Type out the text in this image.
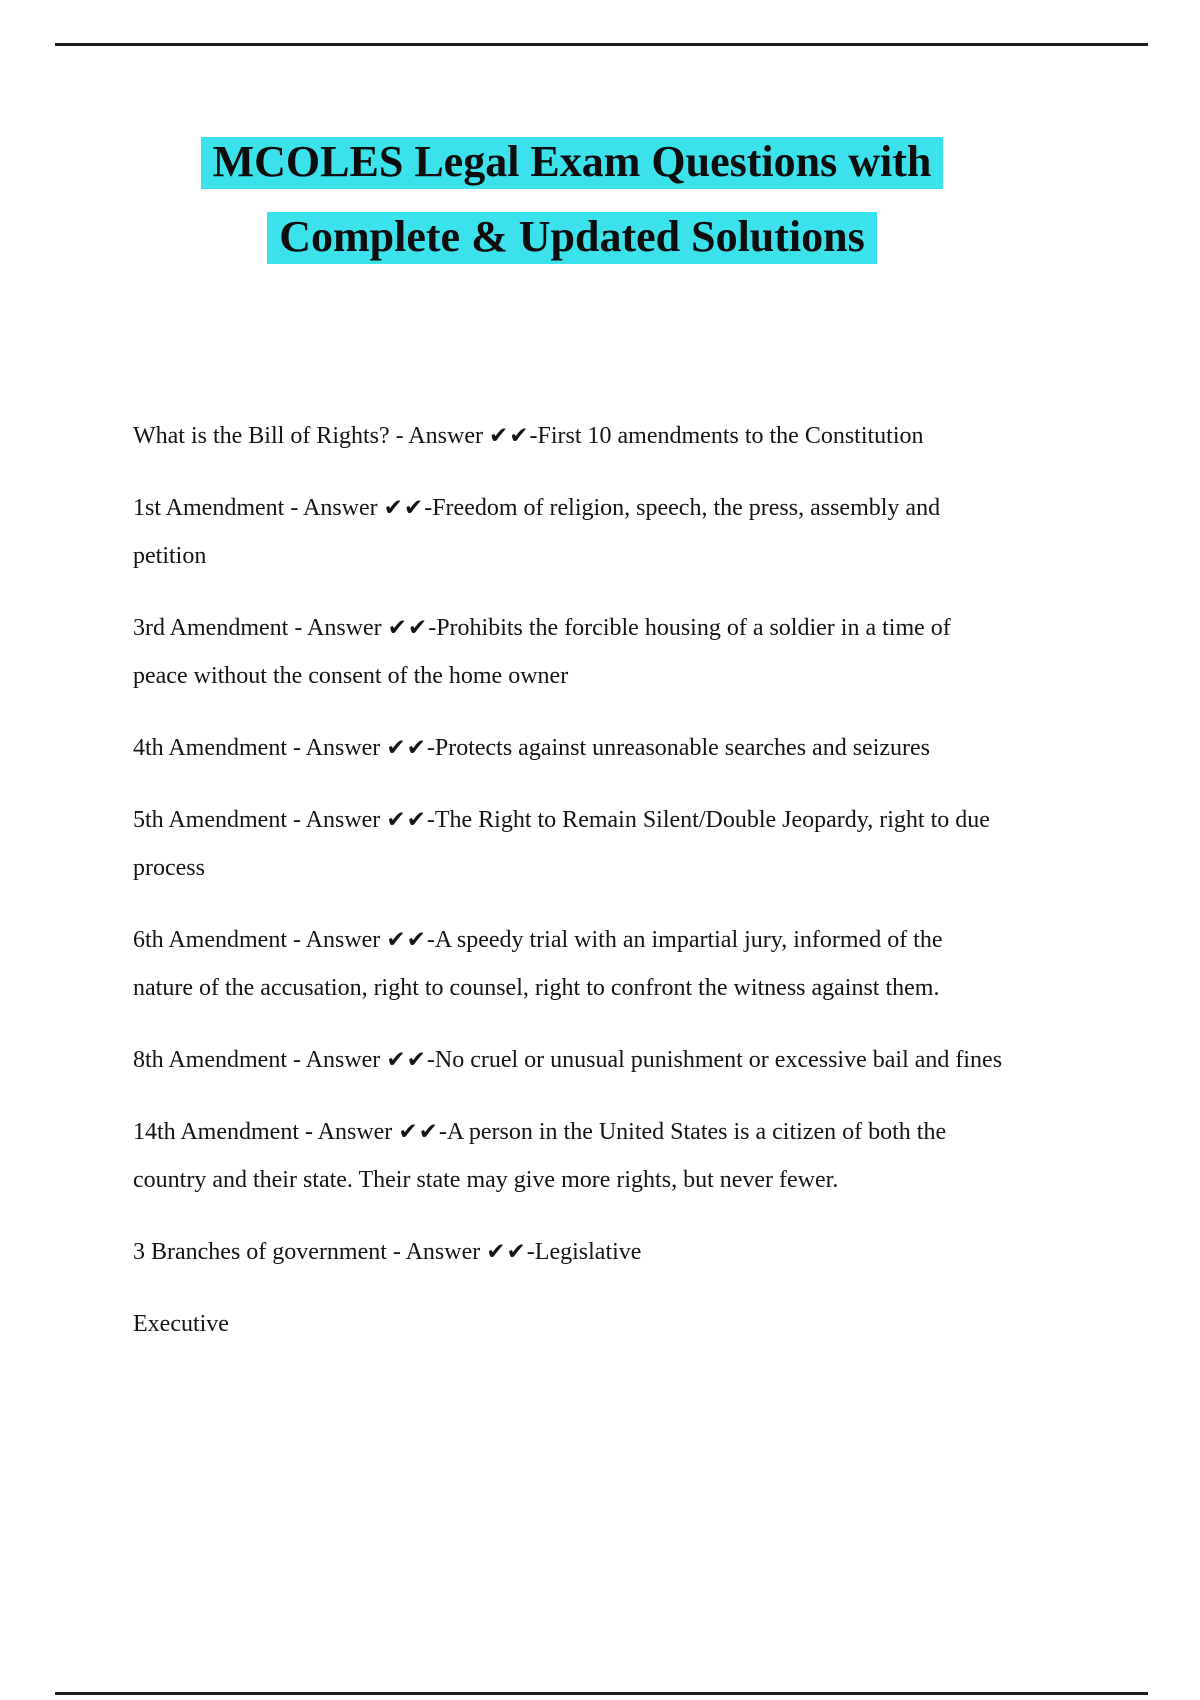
MCOLES Legal Exam Questions with
Complete & Updated Solutions

What is the Bill of Rights? - Answer ✔✔-First 10 amendments to the Constitution

1st Amendment - Answer ✔✔-Freedom of religion, speech, the press, assembly and petition

3rd Amendment - Answer ✔✔-Prohibits the forcible housing of a soldier in a time of peace without the consent of the home owner

4th Amendment - Answer ✔✔-Protects against unreasonable searches and seizures

5th Amendment - Answer ✔✔-The Right to Remain Silent/Double Jeopardy, right to due process

6th Amendment - Answer ✔✔-A speedy trial with an impartial jury, informed of the nature of the accusation, right to counsel, right to confront the witness against them.

8th Amendment - Answer ✔✔-No cruel or unusual punishment or excessive bail and fines

14th Amendment - Answer ✔✔-A person in the United States is a citizen of both the country and their state. Their state may give more rights, but never fewer.

3 Branches of government - Answer ✔✔-Legislative

Executive
